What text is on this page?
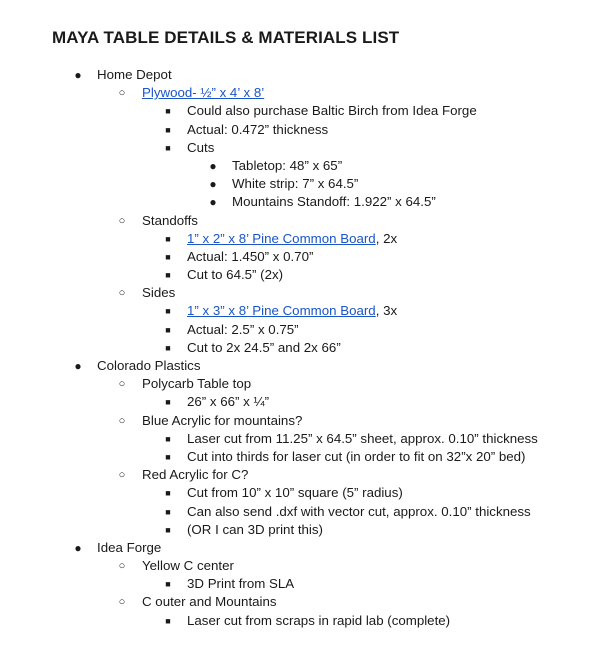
MAYA TABLE DETAILS & MATERIALS LIST
● Home Depot
○ Plywood- ½” x 4’ x 8’
■ Could also purchase Baltic Birch from Idea Forge
■ Actual: 0.472” thickness
■ Cuts
● Tabletop: 48” x 65”
● White strip: 7” x 64.5”
● Mountains Standoff: 1.922” x 64.5”
○ Standoffs
■ 1” x 2” x 8’ Pine Common Board, 2x
■ Actual: 1.450” x 0.70”
■ Cut to 64.5” (2x)
○ Sides
■ 1” x 3” x 8’ Pine Common Board, 3x
■ Actual: 2.5” x 0.75”
■ Cut to 2x 24.5” and 2x 66”
● Colorado Plastics
○ Polycarb Table top
■ 26” x 66” x ¼”
○ Blue Acrylic for mountains?
■ Laser cut from 11.25” x 64.5” sheet, approx. 0.10” thickness
■ Cut into thirds for laser cut (in order to fit on 32”x 20” bed)
○ Red Acrylic for C?
■ Cut from 10” x 10” square (5” radius)
■ Can also send .dxf with vector cut, approx. 0.10” thickness
■ (OR I can 3D print this)
● Idea Forge
○ Yellow C center
■ 3D Print from SLA
○ C outer and Mountains
■ Laser cut from scraps in rapid lab (complete)
